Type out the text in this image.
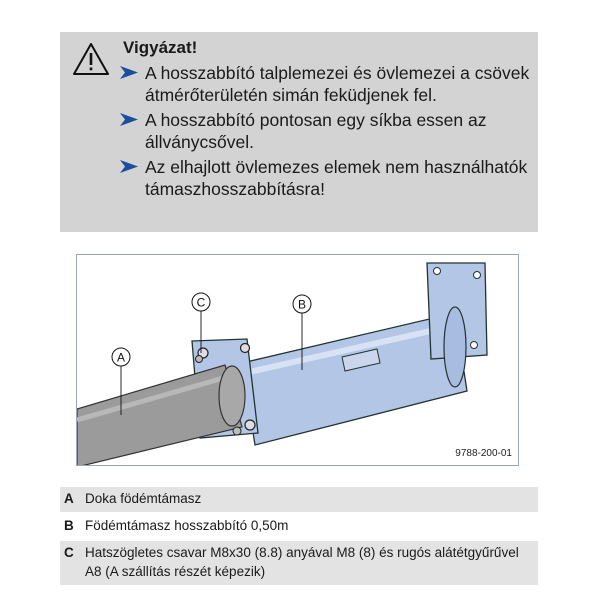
Vigyázat!
A hosszabbító talplemezei és övlemezei a csövek átmérőterületén simán feküdjenek fel.
A hosszabbító pontosan egy síkba essen az állványcsővel.
Az elhajlott övlemezes elemek nem használhatók támaszhosszabbításra!
C	B
A
9788-200-01
A Doka födémtámasz
B Födémtámasz hosszabbító 0,50m
C Hatszögletes csavar M8x30 (8.8) anyával M8 (8) és rugós alátétgyűrűvel A8 (A szállítás részét képezik)
